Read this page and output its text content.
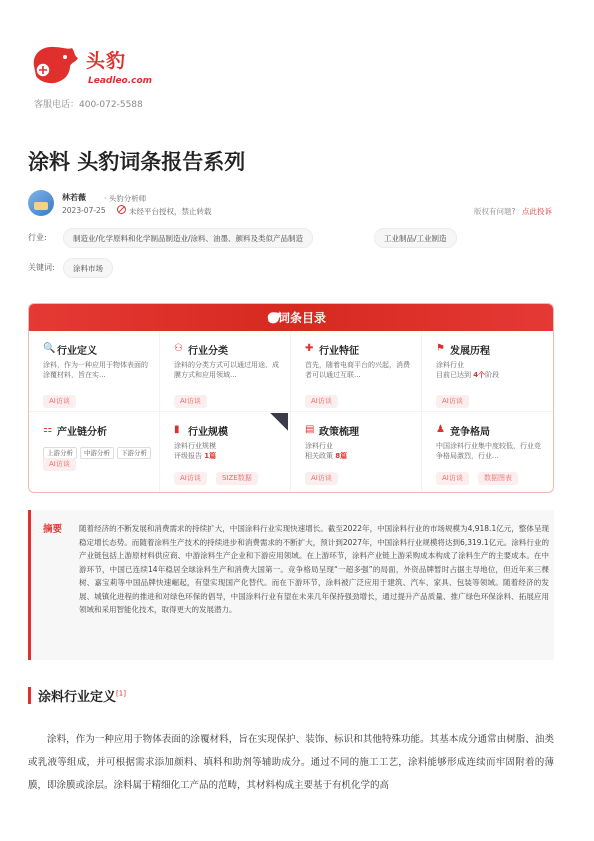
头豹
Leadleo.com
客服电话：400-072-5588
涂料 头豹词条报告系列
林若薇 · 头豹分析师
2023-07-25	未经平台授权，禁止转载	版权有问题? 点此投诉
行业:	制造业/化学原料和化学制品制造业/涂料、油墨、颜料及类似产品制造	工业制品/工业制造
关键词:	涂料市场
词条目录
🔍 行业定义
涂料，作为一种应用于物体表面的涂覆材料，旨在实...
AI访谈
⚇ 行业分类
涂料的分类方式可以通过用途、成膜方式和应用领域...
AI访谈
✚ 行业特征
首先，随着电商平台的兴起，消费者可以通过互联...
AI访谈
⚑ 发展历程
涂料行业
目前已达到 4个阶段
AI访谈
⚏ 产业链分析
上游分析 中游分析 下游分析
AI访谈
▮ 行业规模
涂料行业规模
评级报告 1篇
AI访谈	SIZE数据
▤ 政策梳理
涂料行业
相关政策 8篇
AI访谈
♟ 竞争格局
中国涂料行业集中度较低，行业竞争格局激烈，行业...
AI访谈	数据图表
摘要 随着经济的不断发展和消费需求的持续扩大，中国涂料行业实现快速增长。截至2022年，中国涂料行业的市场规模为4,918.1亿元，整体呈现稳定增长态势。而随着涂料生产技术的持续进步和消费需求的不断扩大，预计到2027年，中国涂料行业规模将达到6,319.1亿元。涂料行业的产业链包括上游原材料供应商、中游涂料生产企业和下游应用领域。在上游环节，涂料产业链上游采购成本构成了涂料生产的主要成本。在中游环节，中国已连续14年稳居全球涂料生产和消费大国第一。竞争格局呈现“一超多强”的局面，外资品牌暂时占据主导地位，但近年来三棵树、嘉宝莉等中国品牌快速崛起，有望实现国产化替代。而在下游环节，涂料被广泛应用于建筑、汽车、家具、包装等领域。随着经济的发展、城镇化进程的推进和对绿色环保的倡导，中国涂料行业有望在未来几年保持强劲增长，通过提升产品质量、推广绿色环保涂料、拓展应用领域和采用智能化技术，取得更大的发展潜力。

涂料行业定义[1]

涂料，作为一种应用于物体表面的涂覆材料，旨在实现保护、装饰、标识和其他特殊功能。其基本成分通常由树脂、油类或乳液等组成，并可根据需求添加颜料、填料和助剂等辅助成分。通过不同的施工工艺，涂料能够形成连续而牢固附着的薄膜，即涂膜或涂层。涂料属于精细化工产品的范畴，其材料构成主要基于有机化学的高
